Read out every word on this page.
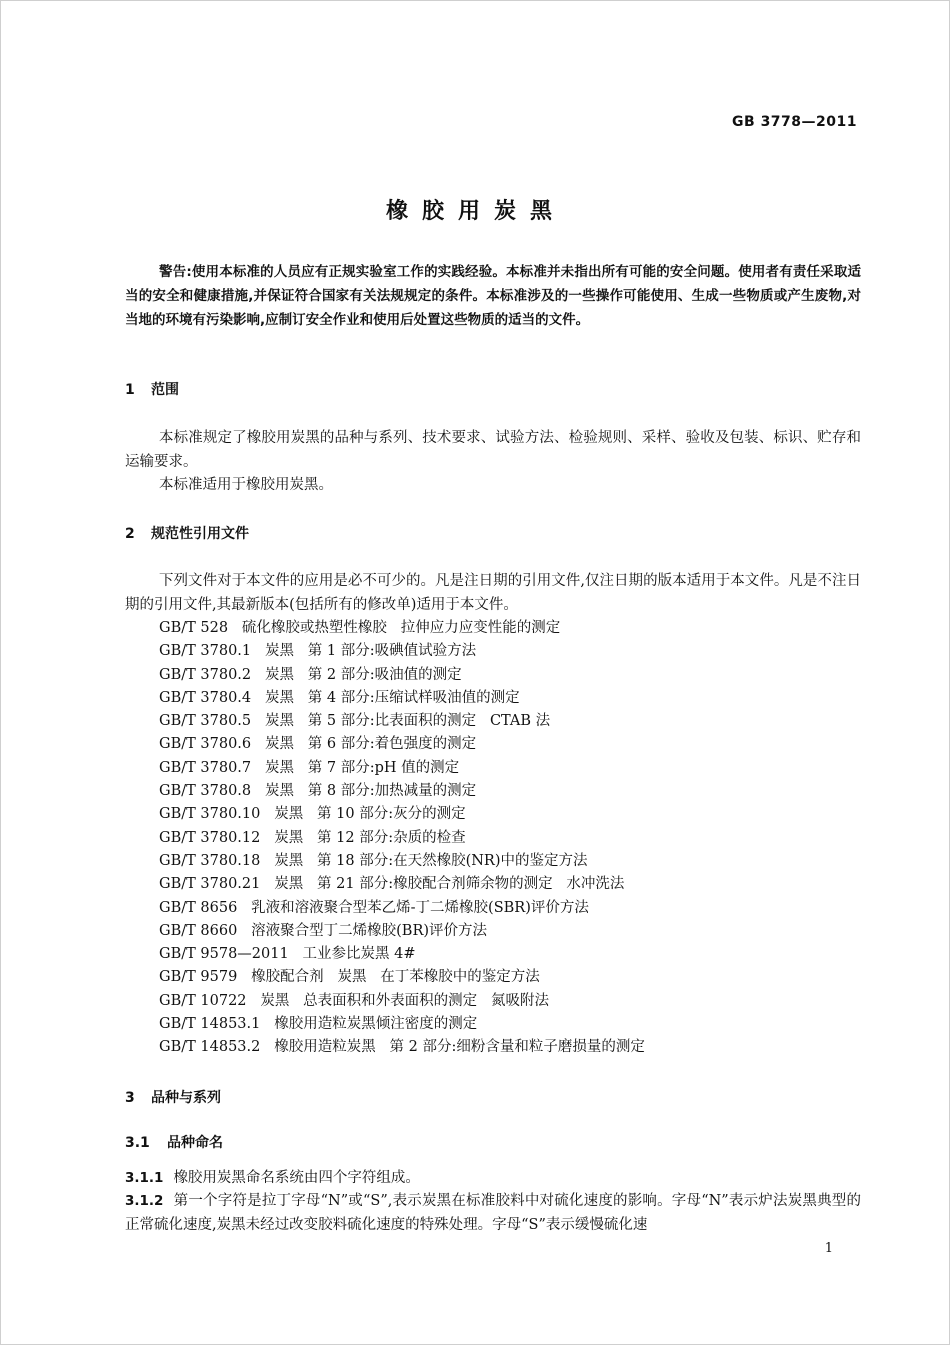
GB 3778—2011
橡胶用炭黑
警告:使用本标准的人员应有正规实验室工作的实践经验。本标准并未指出所有可能的安全问题。使用者有责任采取适当的安全和健康措施,并保证符合国家有关法规规定的条件。本标准涉及的一些操作可能使用、生成一些物质或产生废物,对当地的环境有污染影响,应制订安全作业和使用后处置这些物质的适当的文件。
1 范围

本标准规定了橡胶用炭黑的品种与系列、技术要求、试验方法、检验规则、采样、验收及包装、标识、贮存和运输要求。

本标准适用于橡胶用炭黑。

2 规范性引用文件

下列文件对于本文件的应用是必不可少的。凡是注日期的引用文件,仅注日期的版本适用于本文件。凡是不注日期的引用文件,其最新版本(包括所有的修改单)适用于本文件。

GB/T 528   硫化橡胶或热塑性橡胶   拉伸应力应变性能的测定
GB/T 3780.1   炭黑   第 1 部分:吸碘值试验方法
GB/T 3780.2   炭黑   第 2 部分:吸油值的测定
GB/T 3780.4   炭黑   第 4 部分:压缩试样吸油值的测定
GB/T 3780.5   炭黑   第 5 部分:比表面积的测定   CTAB 法
GB/T 3780.6   炭黑   第 6 部分:着色强度的测定
GB/T 3780.7   炭黑   第 7 部分:pH 值的测定
GB/T 3780.8   炭黑   第 8 部分:加热减量的测定
GB/T 3780.10   炭黑   第 10 部分:灰分的测定
GB/T 3780.12   炭黑   第 12 部分:杂质的检查
GB/T 3780.18   炭黑   第 18 部分:在天然橡胶(NR)中的鉴定方法
GB/T 3780.21   炭黑   第 21 部分:橡胶配合剂筛余物的测定   水冲洗法
GB/T 8656   乳液和溶液聚合型苯乙烯-丁二烯橡胶(SBR)评价方法
GB/T 8660   溶液聚合型丁二烯橡胶(BR)评价方法
GB/T 9578—2011   工业参比炭黑 4#
GB/T 9579   橡胶配合剂   炭黑   在丁苯橡胶中的鉴定方法
GB/T 10722   炭黑   总表面积和外表面积的测定   氮吸附法
GB/T 14853.1   橡胶用造粒炭黑倾注密度的测定
GB/T 14853.2   橡胶用造粒炭黑   第 2 部分:细粉含量和粒子磨损量的测定
3 品种与系列
3.1 品种命名
3.1.1 橡胶用炭黑命名系统由四个字符组成。
3.1.2 第一个字符是拉丁字母“N”或“S”,表示炭黑在标准胶料中对硫化速度的影响。字母“N”表示炉法炭黑典型的正常硫化速度,炭黑未经过改变胶料硫化速度的特殊处理。字母“S”表示缓慢硫化速
1
